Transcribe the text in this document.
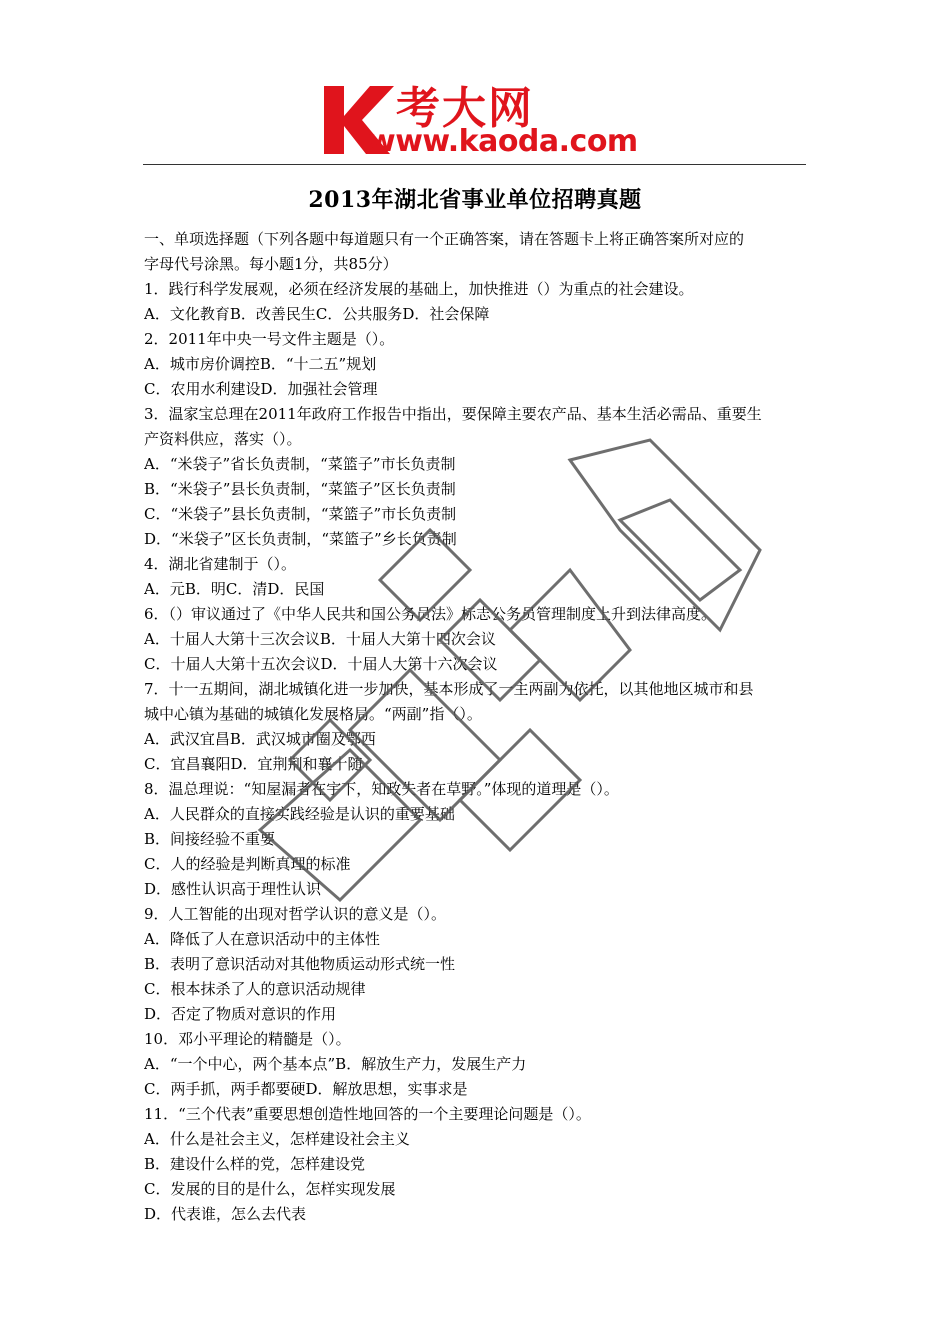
考大网
www.kaoda.com
2013年湖北省事业单位招聘真题
一、单项选择题（下列各题中每道题只有一个正确答案，请在答题卡上将正确答案所对应的
字母代号涂黑。每小题1分，共85分）
1．践行科学发展观，必须在经济发展的基础上，加快推进（）为重点的社会建设。
A．文化教育B．改善民生C．公共服务D．社会保障
2．2011年中央一号文件主题是（）。
A．城市房价调控B．“十二五”规划
C．农用水利建设D．加强社会管理
3．温家宝总理在2011年政府工作报告中指出，要保障主要农产品、基本生活必需品、重要生
产资料供应，落实（）。
A．“米袋子”省长负责制，“菜篮子”市长负责制
B．“米袋子”县长负责制，“菜篮子”区长负责制
C．“米袋子”县长负责制，“菜篮子”市长负责制
D．“米袋子”区长负责制，“菜篮子”乡长负责制
4．湖北省建制于（）。
A．元B．明C．清D．民国
6．（）审议通过了《中华人民共和国公务员法》标志公务员管理制度上升到法律高度。
A．十届人大第十三次会议B．十届人大第十四次会议
C．十届人大第十五次会议D．十届人大第十六次会议
7．十一五期间，湖北城镇化进一步加快，基本形成了一主两副为依托，以其他地区城市和县
城中心镇为基础的城镇化发展格局。“两副”指（）。
A．武汉宜昌B．武汉城市圈及鄂西
C．宜昌襄阳D．宜荆荆和襄十随
8．温总理说：“知屋漏者在宇下，知政失者在草野。”体现的道理是（）。
A．人民群众的直接实践经验是认识的重要基础
B．间接经验不重要
C．人的经验是判断真理的标准
D．感性认识高于理性认识
9．人工智能的出现对哲学认识的意义是（）。
A．降低了人在意识活动中的主体性
B．表明了意识活动对其他物质运动形式统一性
C．根本抹杀了人的意识活动规律
D．否定了物质对意识的作用
10．邓小平理论的精髓是（）。
A．“一个中心，两个基本点”B．解放生产力，发展生产力
C．两手抓，两手都要硬D．解放思想，实事求是
11．“三个代表”重要思想创造性地回答的一个主要理论问题是（）。
A．什么是社会主义，怎样建设社会主义
B．建设什么样的党，怎样建设党
C．发展的目的是什么，怎样实现发展
D．代表谁，怎么去代表
